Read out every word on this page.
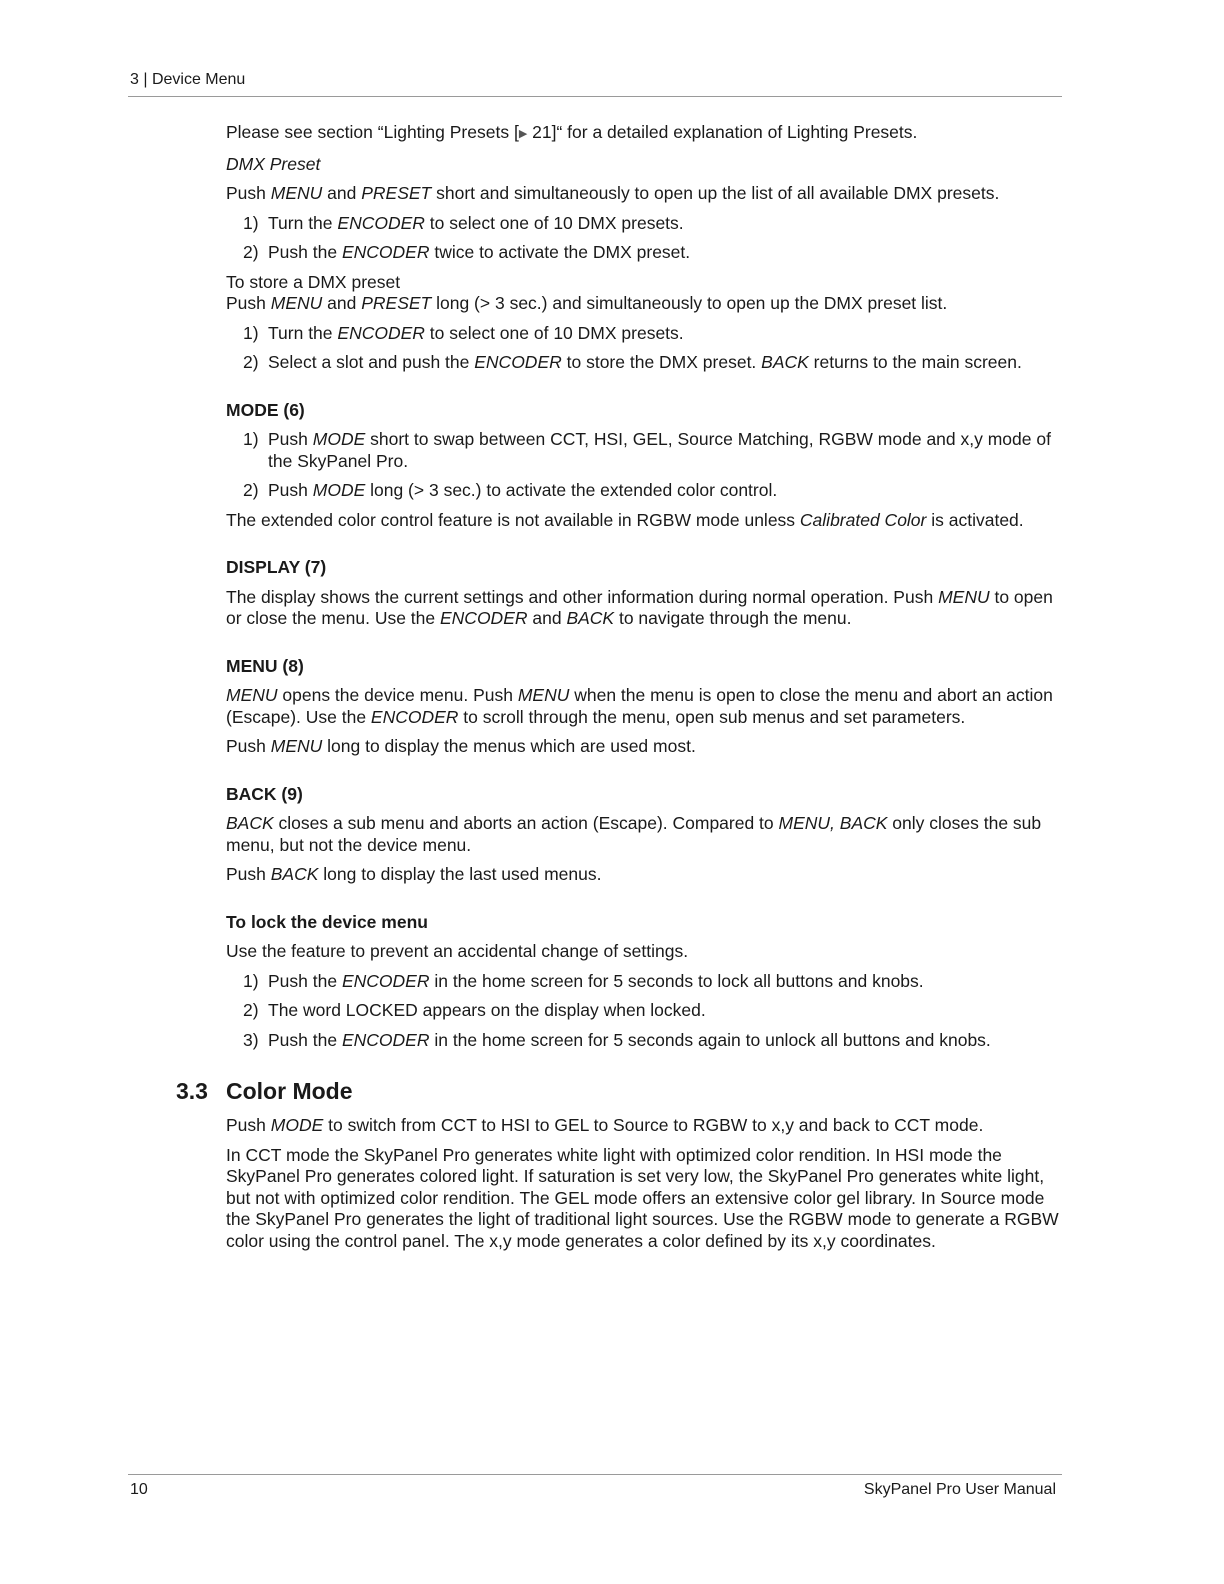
3 | Device Menu

Please see section “Lighting Presets [▶ 21]“ for a detailed explanation of Lighting Presets.

DMX Preset

Push MENU and PRESET short and simultaneously to open up the list of all available DMX presets.

1) Turn the ENCODER to select one of 10 DMX presets.
2) Push the ENCODER twice to activate the DMX preset.

To store a DMX preset

Push MENU and PRESET long (> 3 sec.) and simultaneously to open up the DMX preset list.

1) Turn the ENCODER to select one of 10 DMX presets.
2) Select a slot and push the ENCODER to store the DMX preset. BACK returns to the main screen.
MODE (6)
1) Push MODE short to swap between CCT, HSI, GEL, Source Matching, RGBW mode and x,y mode of the SkyPanel Pro.
2) Push MODE long (> 3 sec.) to activate the extended color control.

The extended color control feature is not available in RGBW mode unless Calibrated Color is activated.

DISPLAY (7)

The display shows the current settings and other information during normal operation. Push MENU to open or close the menu. Use the ENCODER and BACK to navigate through the menu.

MENU (8)

MENU opens the device menu. Push MENU when the menu is open to close the menu and abort an action (Escape). Use the ENCODER to scroll through the menu, open sub menus and set parameters.

Push MENU long to display the menus which are used most.

BACK (9)

BACK closes a sub menu and aborts an action (Escape). Compared to MENU, BACK only closes the sub menu, but not the device menu.

Push BACK long to display the last used menus.

To lock the device menu

Use the feature to prevent an accidental change of settings.

1) Push the ENCODER in the home screen for 5 seconds to lock all buttons and knobs.
2) The word LOCKED appears on the display when locked.
3) Push the ENCODER in the home screen for 5 seconds again to unlock all buttons and knobs.
3.3 Color Mode

Push MODE to switch from CCT to HSI to GEL to Source to RGBW to x,y and back to CCT mode.

In CCT mode the SkyPanel Pro generates white light with optimized color rendition. In HSI mode the SkyPanel Pro generates colored light. If saturation is set very low, the SkyPanel Pro generates white light, but not with optimized color rendition. The GEL mode offers an extensive color gel library. In Source mode the SkyPanel Pro generates the light of traditional light sources. Use the RGBW mode to generate a RGBW color using the control panel. The x,y mode generates a color defined by its x,y coordinates.

10	SkyPanel Pro User Manual
